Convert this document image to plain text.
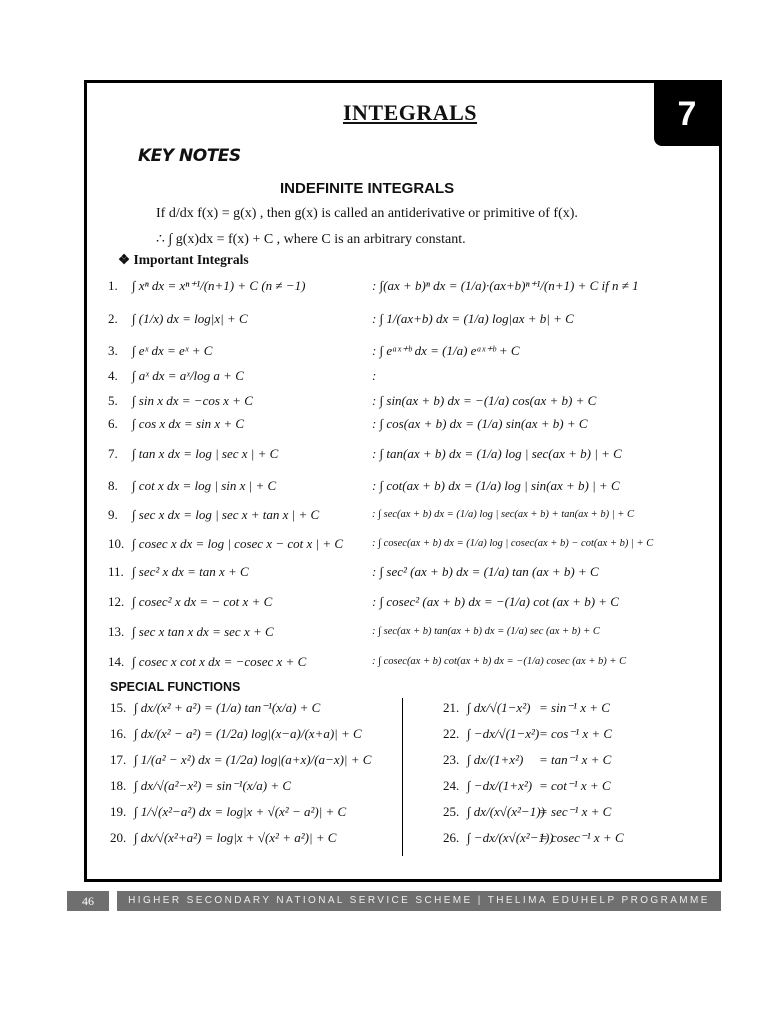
7
INTEGRALS
KEY NOTES
INDEFINITE INTEGRALS
If d/dx f(x) = g(x) , then g(x) is called an antiderivative or primitive of f(x).
∴ ∫ g(x)dx = f(x) + C , where C is an arbitrary constant.
❖ Important Integrals
1.	∫ xⁿ dx = xⁿ⁺¹/(n+1) + C (n ≠ −1)	: ∫(ax + b)ⁿ dx = (1/a)·(ax+b)ⁿ⁺¹/(n+1) + C if n ≠ 1
2.	∫ (1/x) dx = log|x| + C	: ∫ 1/(ax+b) dx = (1/a) log|ax + b| + C
3.	∫ eˣ dx = eˣ + C	: ∫ eᵃˣ⁺ᵇ dx = (1/a) eᵃˣ⁺ᵇ + C
4.	∫ aˣ dx = aˣ/log a + C	:
5.	∫ sin x dx = −cos x + C	: ∫ sin(ax + b) dx = −(1/a) cos(ax + b) + C
6.	∫ cos x dx = sin x + C	: ∫ cos(ax + b) dx = (1/a) sin(ax + b) + C
7.	∫ tan x dx = log | sec x | + C	: ∫ tan(ax + b) dx = (1/a) log | sec(ax + b) | + C
8.	∫ cot x dx = log | sin x | + C	: ∫ cot(ax + b) dx = (1/a) log | sin(ax + b) | + C
9.	∫ sec x dx = log | sec x + tan x | + C	: ∫ sec(ax + b) dx = (1/a) log | sec(ax + b) + tan(ax + b) | + C
10. ∫ cosec x dx = log | cosec x − cot x | + C	: ∫ cosec(ax + b) dx = (1/a) log | cosec(ax + b) − cot(ax + b) | + C
11. ∫ sec² x dx = tan x + C	: ∫ sec² (ax + b) dx = (1/a) tan (ax + b) + C
12. ∫ cosec² x dx = − cot x + C	: ∫ cosec² (ax + b) dx = −(1/a) cot (ax + b) + C
13. ∫ sec x tan x dx = sec x + C	: ∫ sec(ax + b) tan(ax + b) dx = (1/a) sec (ax + b) + C
14. ∫ cosec x cot x dx = −cosec x + C	: ∫ cosec(ax + b) cot(ax + b) dx = −(1/a) cosec (ax + b) + C
SPECIAL FUNCTIONS
15. ∫ dx/(x² + a²) = (1/a) tan⁻¹(x/a) + C
16. ∫ dx/(x² − a²) = (1/2a) log|(x−a)/(x+a)| + C
17. ∫ 1/(a² − x²) dx = (1/2a) log|(a+x)/(a−x)| + C
18. ∫ dx/√(a²−x²) = sin⁻¹(x/a) + C
19. ∫ 1/√(x²−a²) dx = log|x + √(x² − a²)| + C
20. ∫ dx/√(x²+a²) = log|x + √(x² + a²)| + C
21. ∫ dx/√(1−x²) = sin⁻¹ x + C
22. ∫ −dx/√(1−x²) = cos⁻¹ x + C
23. ∫ dx/(1+x²) = tan⁻¹ x + C
24. ∫ −dx/(1+x²) = cot⁻¹ x + C
25. ∫ dx/(x√(x²−1))
= sec⁻¹ x + C
26. ∫ −dx/(x√(x²−1))
= cosec⁻¹ x + C
46	HIGHER SECONDARY NATIONAL SERVICE SCHEME | THELIMA EDUHELP PROGRAMME
